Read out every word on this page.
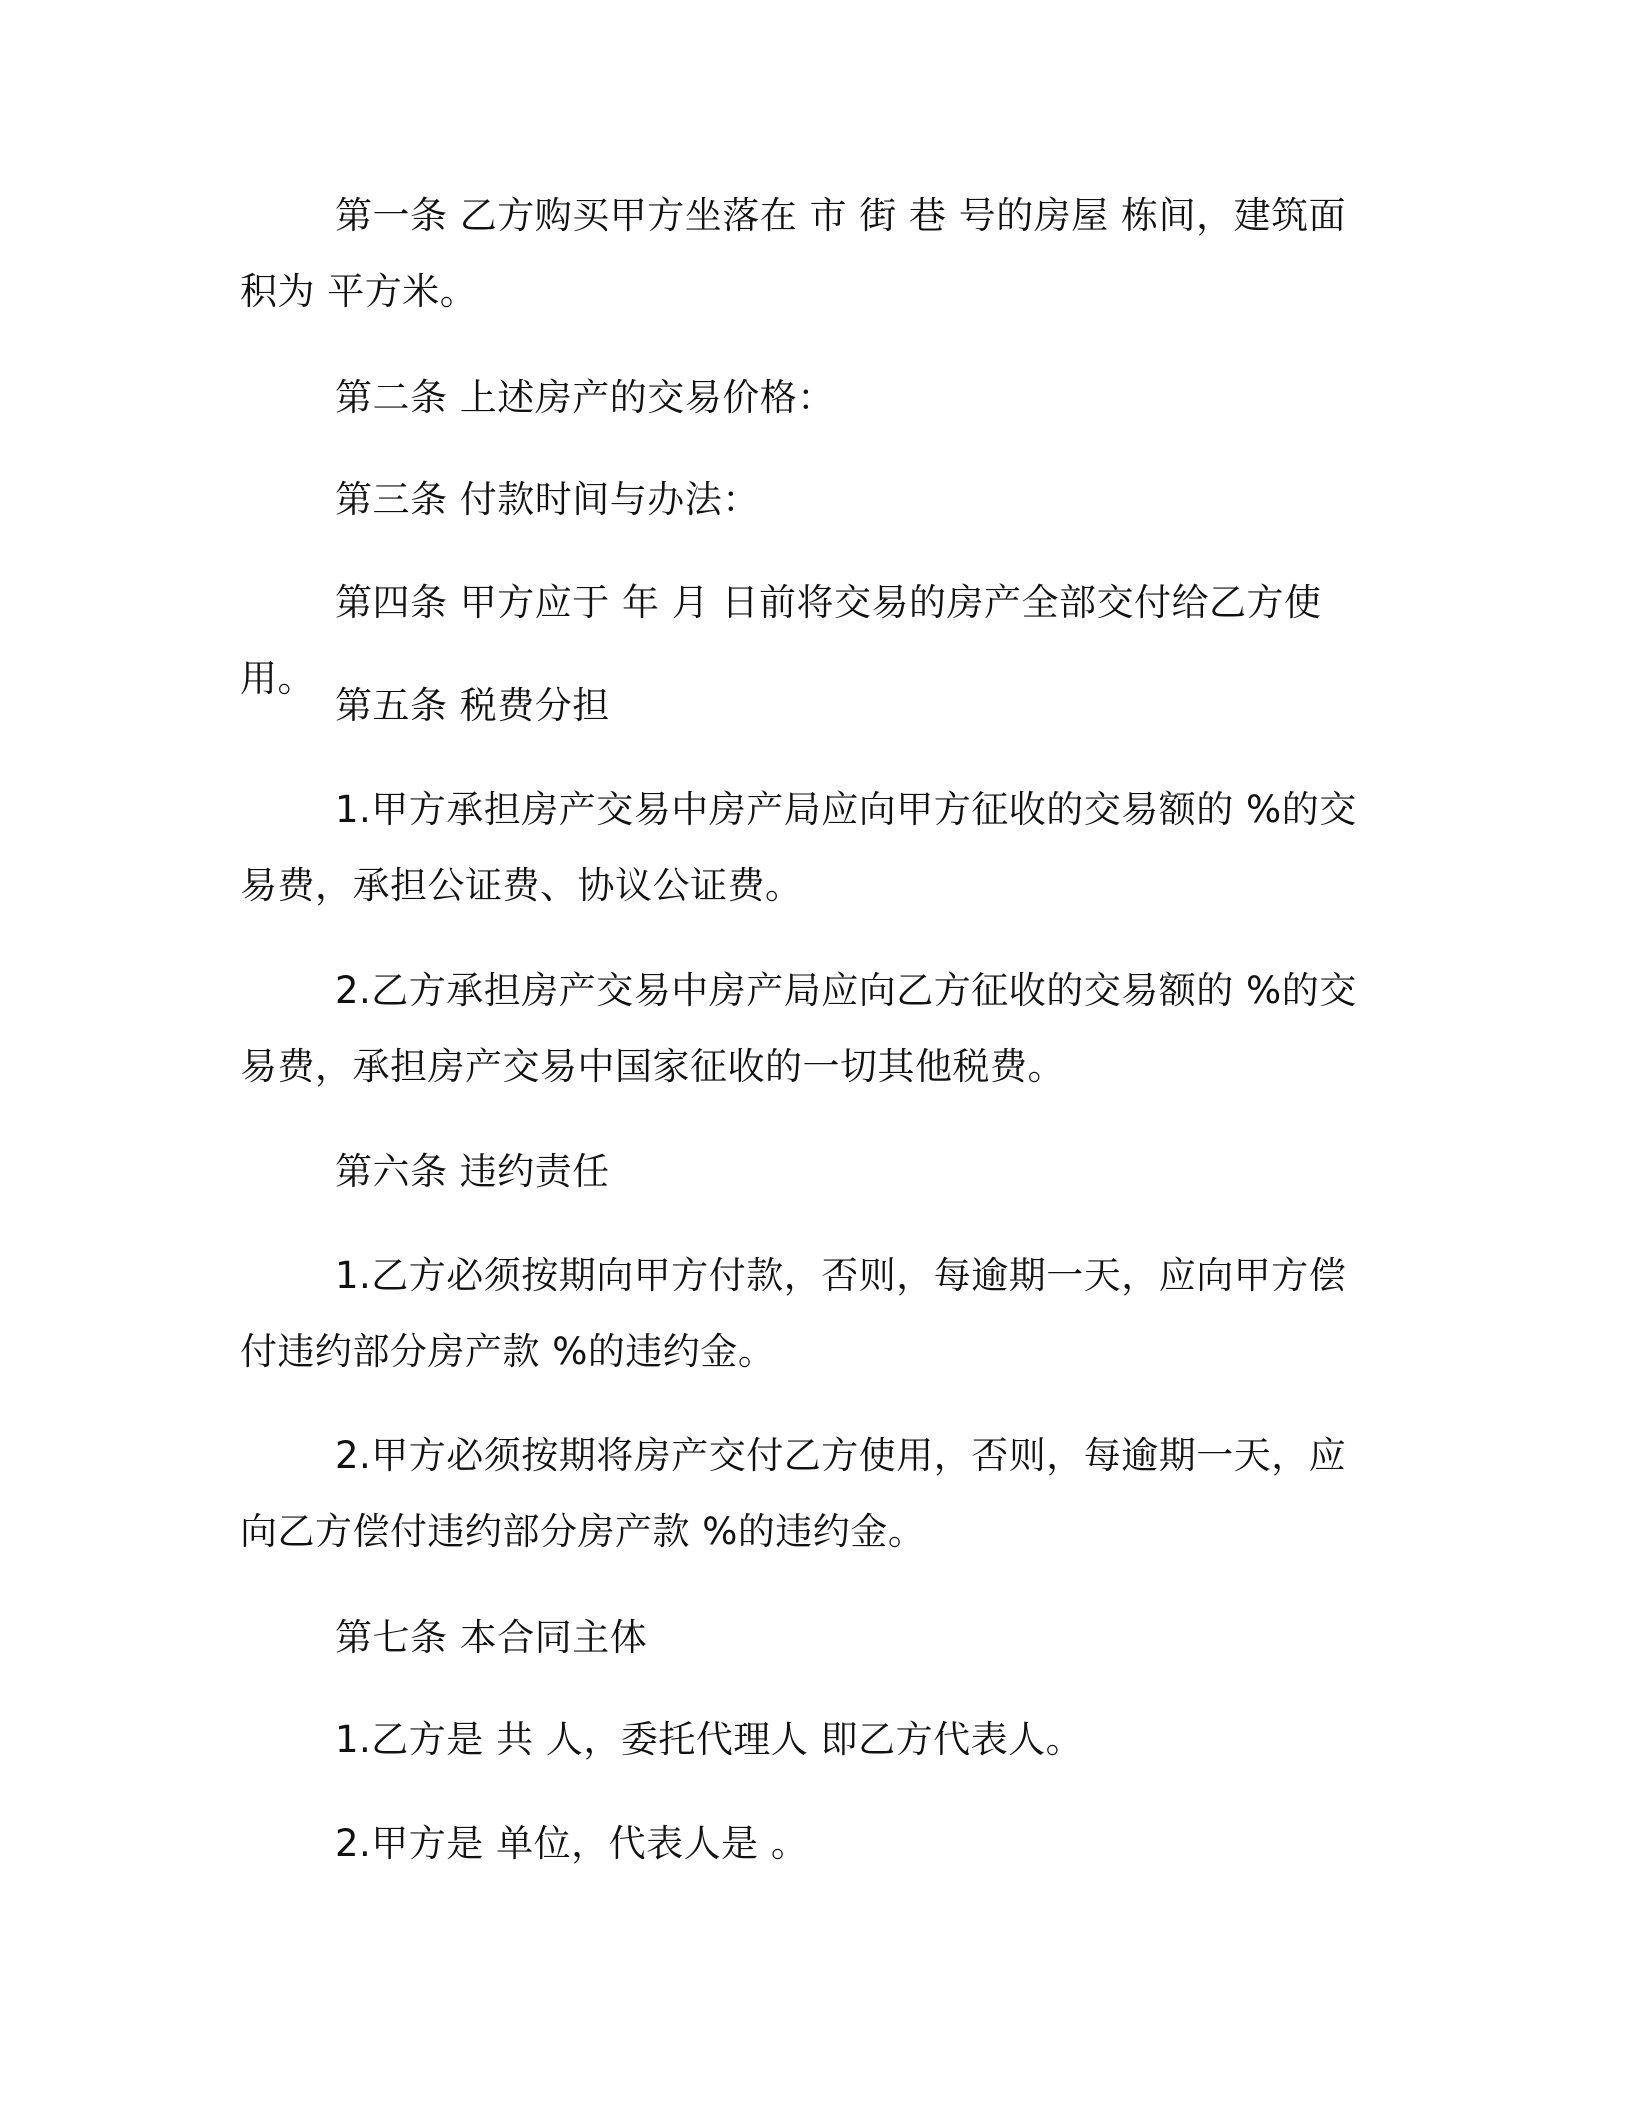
第一条 乙方购买甲方坐落在 市 街 巷 号的房屋 栋间，建筑面积为 平方米。

第二条 上述房产的交易价格：

第三条 付款时间与办法：

第四条 甲方应于 年 月 日前将交易的房产全部交付给乙方使用。

第五条 税费分担

1.甲方承担房产交易中房产局应向甲方征收的交易额的 %的交易费，承担公证费、协议公证费。

2.乙方承担房产交易中房产局应向乙方征收的交易额的 %的交易费，承担房产交易中国家征收的一切其他税费。

第六条 违约责任

1.乙方必须按期向甲方付款，否则，每逾期一天，应向甲方偿付违约部分房产款 %的违约金。

2.甲方必须按期将房产交付乙方使用，否则，每逾期一天，应向乙方偿付违约部分房产款 %的违约金。

第七条 本合同主体

1.乙方是 共 人，委托代理人 即乙方代表人。

2.甲方是 单位，代表人是 。
